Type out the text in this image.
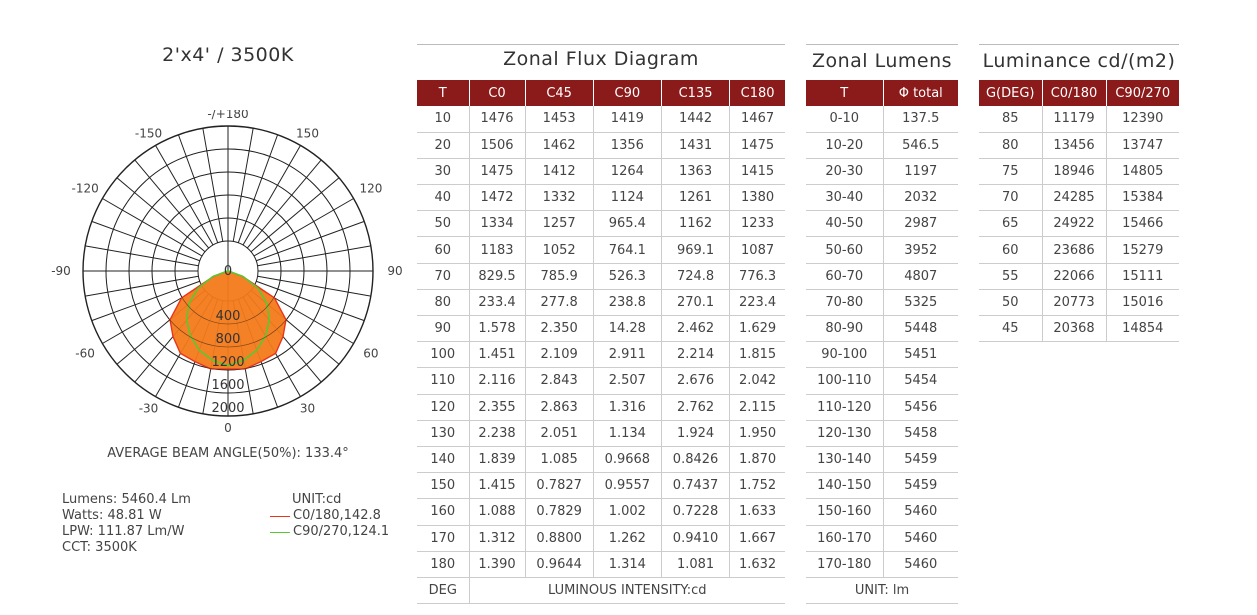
2'x4' / 3500K
0
400
800
1200
1600
2000
-/+180
-150	150
-120	120
-90	90
-60	60
-30	30
0
AVERAGE BEAM ANGLE(50%): 133.4°
Lumens: 5460.4 Lm
Watts: 48.81 W
LPW: 111.87 Lm/W
CCT: 3500K
UNIT:cd
C0/180,142.8
C90/270,124.1
Zonal Flux Diagram
T	C0	C45	C90	C135	C180
10	1476	1453	1419	1442	1467
20	1506	1462	1356	1431	1475
30	1475	1412	1264	1363	1415
40	1472	1332	1124	1261	1380
50	1334	1257	965.4	1162	1233
60	1183	1052	764.1	969.1	1087
70	829.5	785.9	526.3	724.8	776.3
80	233.4	277.8	238.8	270.1	223.4
90	1.578	2.350	14.28	2.462	1.629
100	1.451	2.109	2.911	2.214	1.815
110	2.116	2.843	2.507	2.676	2.042
120	2.355	2.863	1.316	2.762	2.115
130	2.238	2.051	1.134	1.924	1.950
140	1.839	1.085	0.9668	0.8426	1.870
150	1.415	0.7827	0.9557	0.7437	1.752
160	1.088	0.7829	1.002	0.7228	1.633
170	1.312	0.8800	1.262	0.9410	1.667
180	1.390	0.9644	1.314	1.081	1.632
DEG	LUMINOUS INTENSITY:cd				
Zonal Lumens
T	Φ total
0-10	137.5
10-20	546.5
20-30	1197
30-40	2032
40-50	2987
50-60	3952
60-70	4807
70-80	5325
80-90	5448
90-100	5451
100-110	5454
110-120	5456
120-130	5458
130-140	5459
140-150	5459
150-160	5460
160-170	5460
170-180	5460
UNIT: lm	
Luminance cd/(m2)
G(DEG)	C0/180	C90/270
85	11179	12390
80	13456	13747
75	18946	14805
70	24285	15384
65	24922	15466
60	23686	15279
55	22066	15111
50	20773	15016
45	20368	14854
